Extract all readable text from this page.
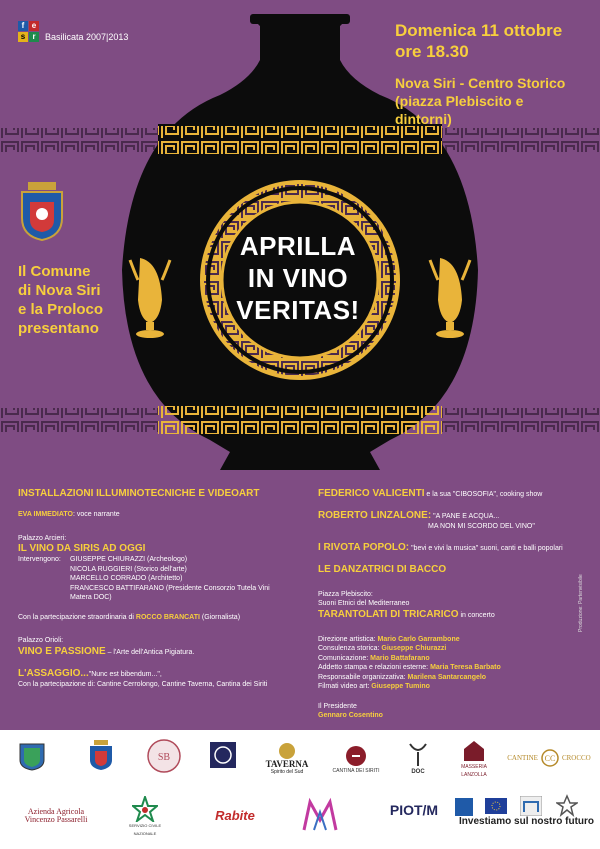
f e
s r	Basilicata 2007|2013	Domenica 11 ottobre
ore 18.30
Nova Siri - Centro Storico
(piazza Plebiscito e dintorni)
Il Comune
di Nova Siri
e la Proloco
presentano
APRILLA
IN VINO
VERITAS!
INSTALLAZIONI ILLUMINOTECNICHE E VIDEOART
EVA IMMEDIATO: voce narrante
Palazzo Arcieri:
IL VINO DA SIRIS AD OGGI
Intervengono:	GIUSEPPE CHIURAZZI (Archeologo)
NICOLA RUGGIERI (Storico dell'arte)
MARCELLO CORRADO (Architetto)
FRANCESCO BATTIFARANO (Presidente Consorzio Tutela Vini
Matera DOC)
Con la partecipazione straordinaria di ROCCO BRANCATI (Giornalista)
Palazzo Orioli:
VINO E PASSIONE – l'Arte dell'Antica Pigiatura.
L'ASSAGGIO..."Nunc est bibendum...",
Con la partecipazione di: Cantine Cerrolongo, Cantine Taverna, Cantina dei Siriti
FEDERICO VALICENTI e la sua "CIBOSOFIA", cooking show
ROBERTO LINZALONE: "A PANE E ACQUA...
MA NON MI SCORDO DEL VINO"
I RIVOTA POPOLO: "bevi e vivi la musica" suoni, canti e balli popolari
LE DANZATRICI DI BACCO
Piazza Plebiscito:
Suoni Etnici del Mediterraneo
TARANTOLATI DI TRICARICO in concerto
Direzione artistica: Mario Carlo Garrambone
Consulenza storica: Giuseppe Chiurazzi
Comunicazione: Mario Battafarano
Addetto stampa e relazioni esterne: Maria Teresa Barbato
Responsabile organizzativa: Marilena Santarcangelo
Filmati video art: Giuseppe Tumino
Il Presidente
Gennaro Cosentino
Produzione: Partenvisibile
SB
TAVERNA
Spirito del Sud	CANTINA DEI SIRITI	DOC
MASSERIA LANZOLLA
CANTINE CC CROCCO
Azienda Agricola
Vincenzo Passarelli
SERVIZIO CIVILE NAZIONALE
Rabite	PIOT/M
Investiamo sul nostro futuro
